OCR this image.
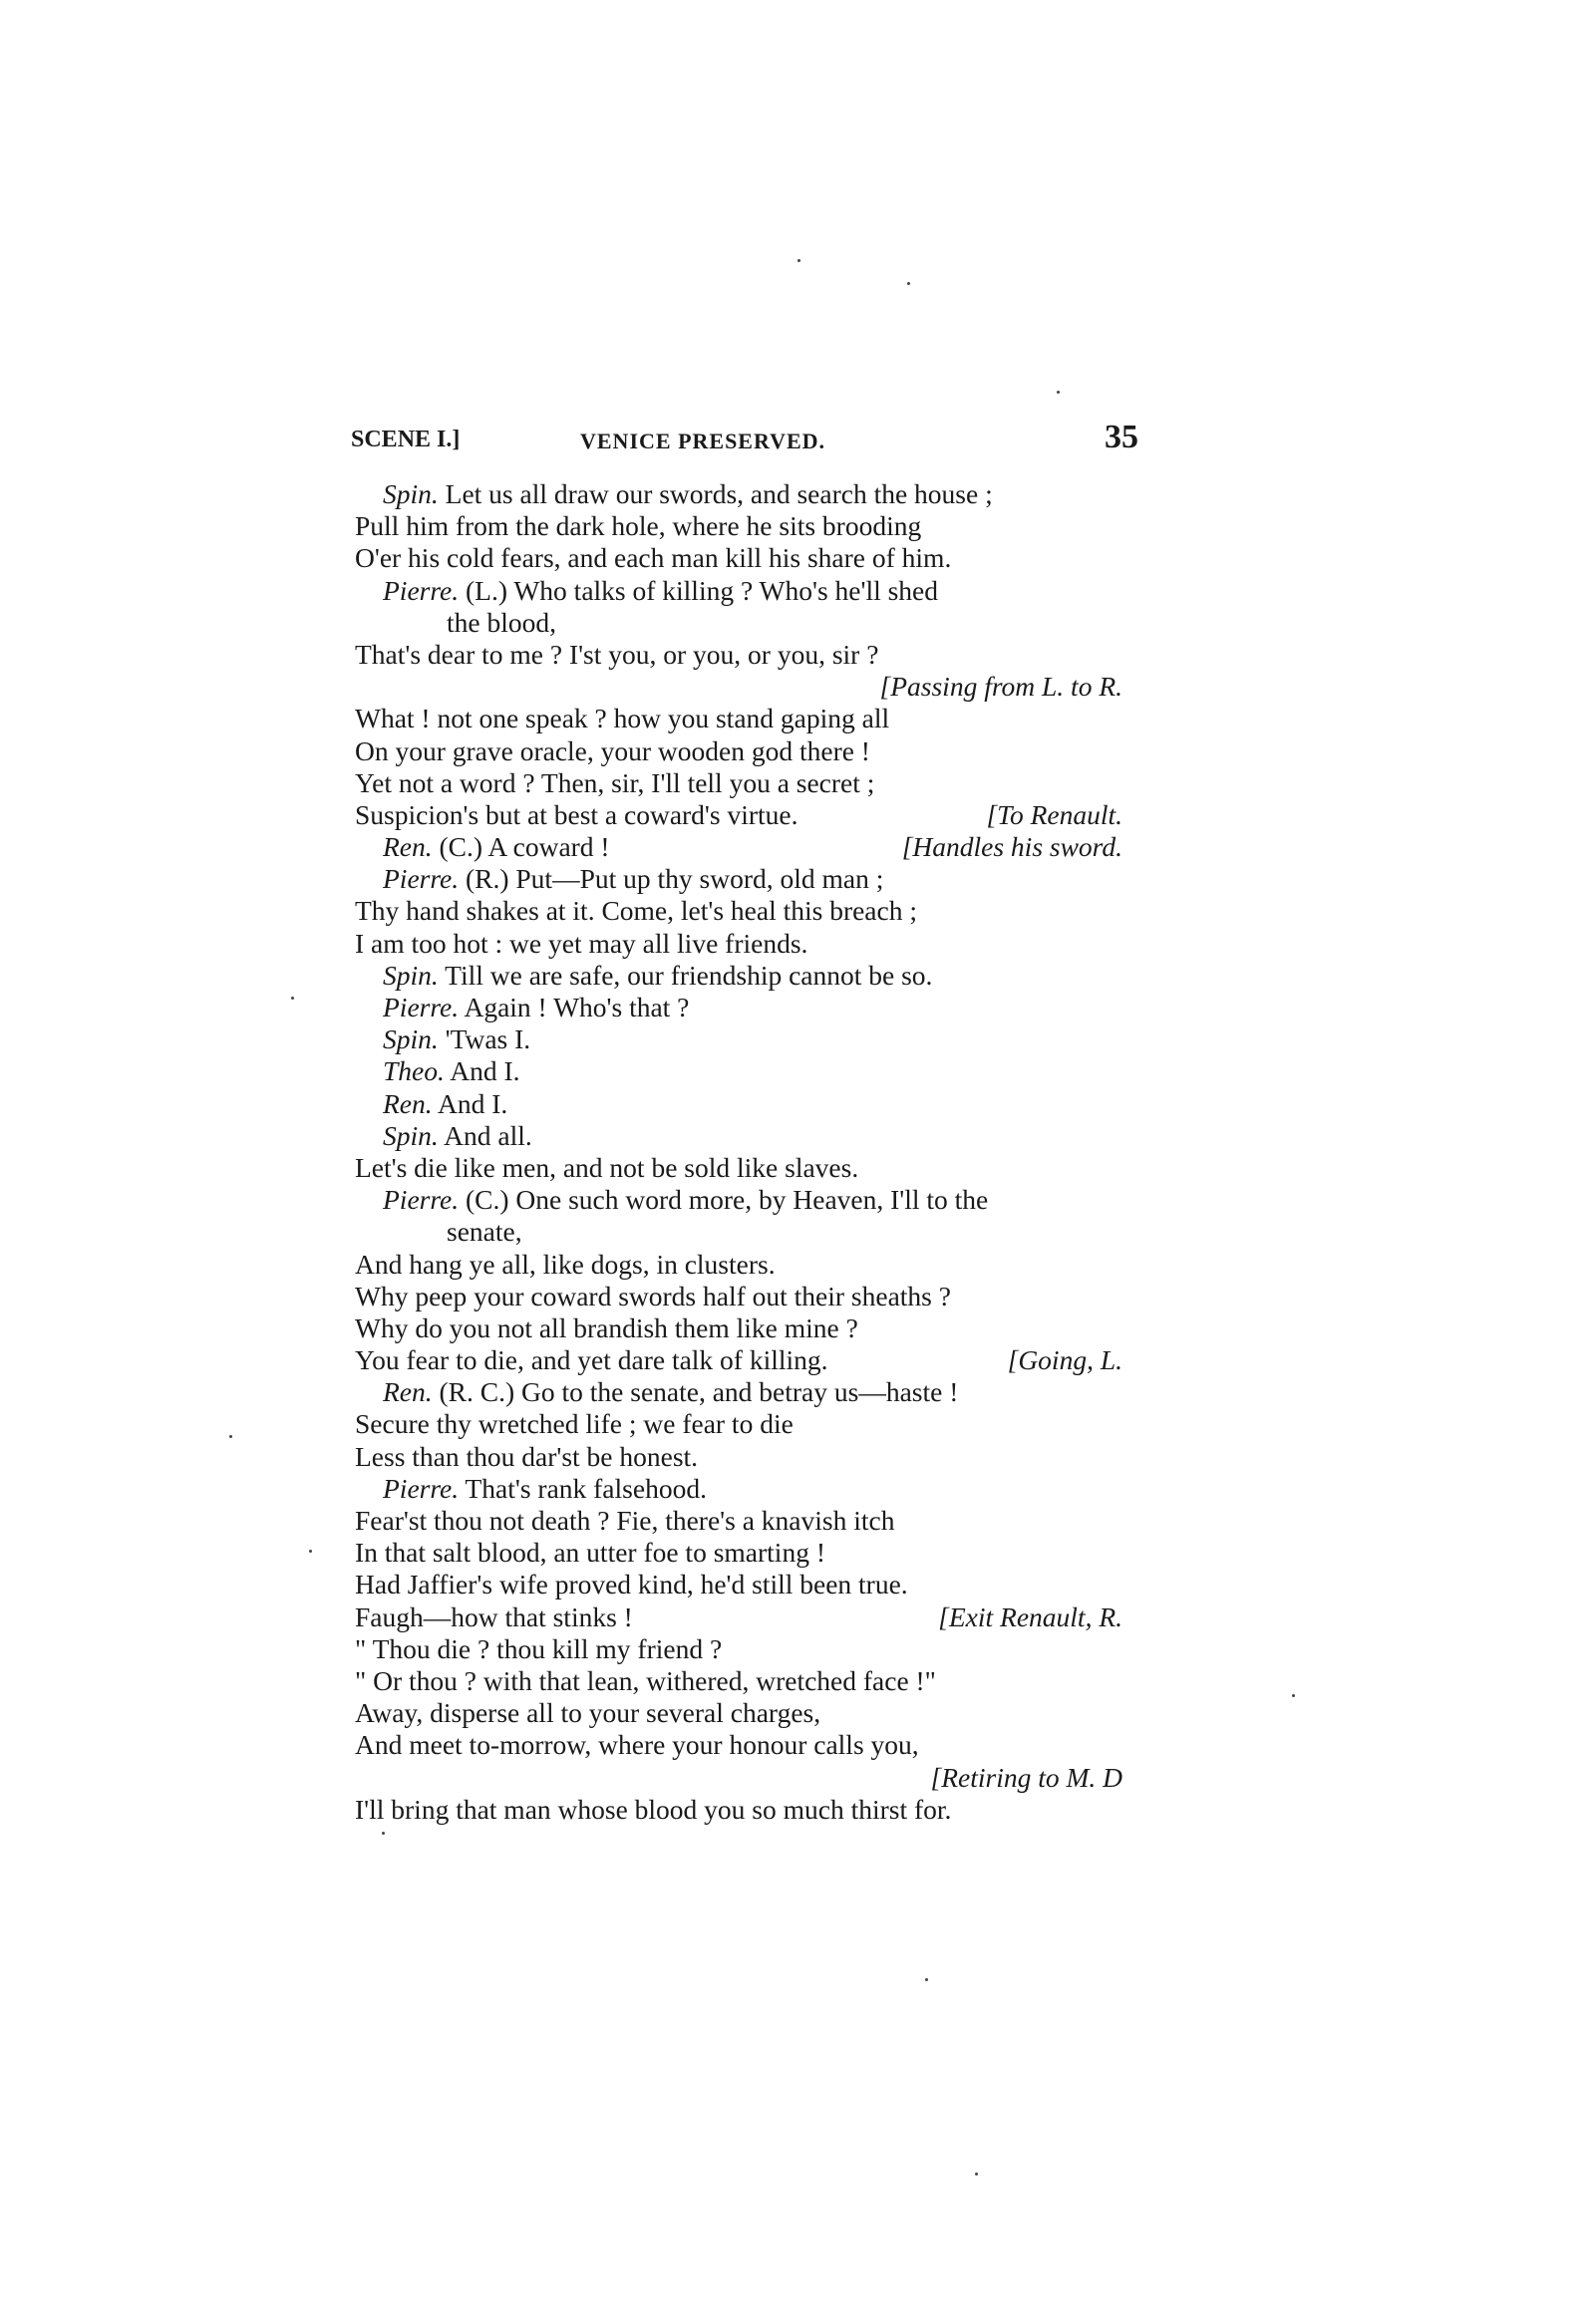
SCENE I.]	VENICE PRESERVED.	35
Spin. Let us all draw our swords, and search the house ;
Pull him from the dark hole, where he sits brooding
O'er his cold fears, and each man kill his share of him.
Pierre. (L.) Who talks of killing ? Who's he'll shed
the blood,
That's dear to me ? I'st you, or you, or you, sir ?
[Passing from L. to R.
What ! not one speak ? how you stand gaping all
On your grave oracle, your wooden god there !
Yet not a word ? Then, sir, I'll tell you a secret ;
Suspicion's but at best a coward's virtue.	[To Renault.
Ren. (C.) A coward !	[Handles his sword.
Pierre. (R.) Put—Put up thy sword, old man ;
Thy hand shakes at it. Come, let's heal this breach ;
I am too hot : we yet may all live friends.
Spin. Till we are safe, our friendship cannot be so.
Pierre. Again ! Who's that ?
Spin. 'Twas I.
Theo. And I.
Ren. And I.
Spin. And all.
Let's die like men, and not be sold like slaves.
Pierre. (C.) One such word more, by Heaven, I'll to the
senate,
And hang ye all, like dogs, in clusters.
Why peep your coward swords half out their sheaths ?
Why do you not all brandish them like mine ?
You fear to die, and yet dare talk of killing.	[Going, L.
Ren. (R. C.) Go to the senate, and betray us—haste !
Secure thy wretched life ; we fear to die
Less than thou dar'st be honest.
Pierre. That's rank falsehood.
Fear'st thou not death ? Fie, there's a knavish itch
In that salt blood, an utter foe to smarting !
Had Jaffier's wife proved kind, he'd still been true.
Faugh—how that stinks !	[Exit Renault, R.
" Thou die ? thou kill my friend ?
" Or thou ? with that lean, withered, wretched face !"
Away, disperse all to your several charges,
And meet to-morrow, where your honour calls you,
[Retiring to M. D
I'll bring that man whose blood you so much thirst for.
